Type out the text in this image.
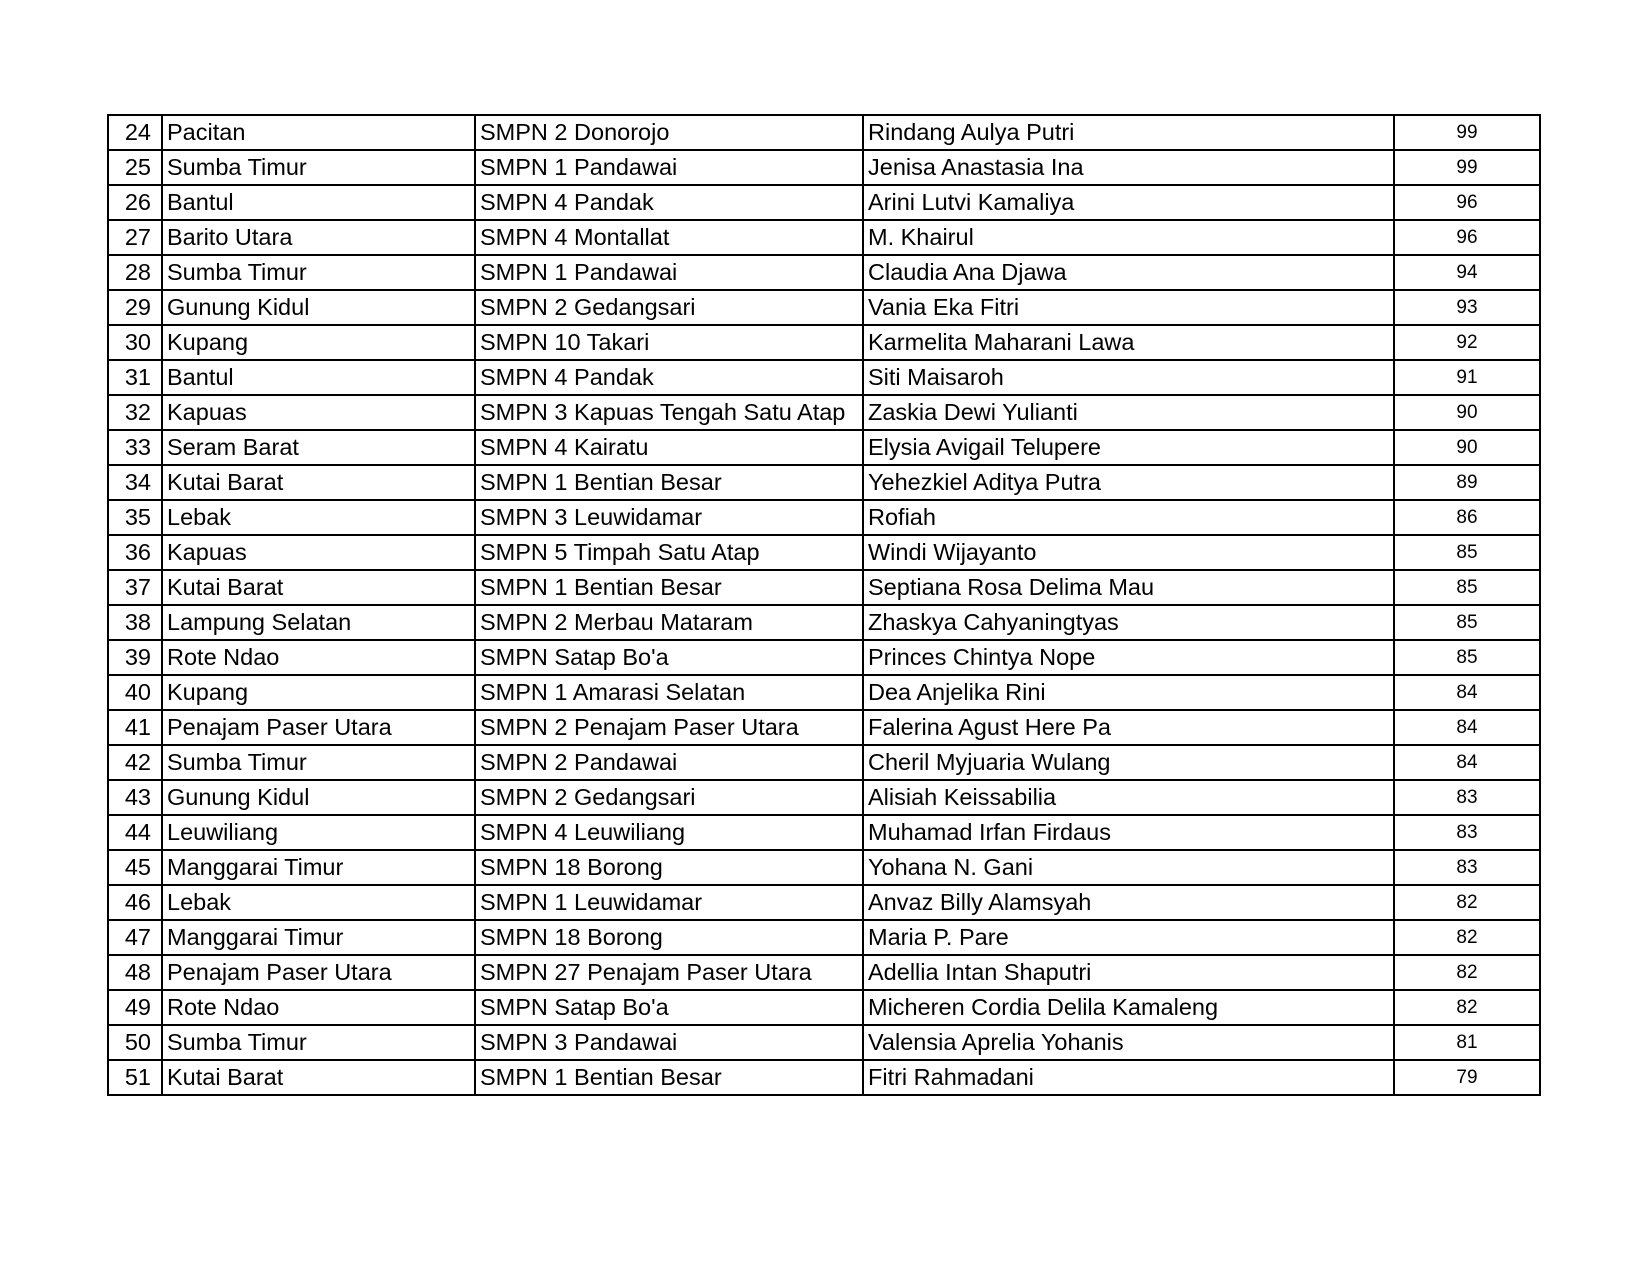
24	Pacitan	SMPN 2 Donorojo	Rindang Aulya Putri	99
25	Sumba Timur	SMPN 1 Pandawai	Jenisa Anastasia Ina	99
26	Bantul	SMPN 4 Pandak	Arini Lutvi Kamaliya	96
27	Barito Utara	SMPN 4 Montallat	M. Khairul	96
28	Sumba Timur	SMPN 1 Pandawai	Claudia Ana Djawa	94
29	Gunung Kidul	SMPN 2 Gedangsari	Vania Eka Fitri	93
30	Kupang	SMPN 10 Takari	Karmelita Maharani Lawa	92
31	Bantul	SMPN 4 Pandak	Siti Maisaroh	91
32	Kapuas	SMPN 3 Kapuas Tengah Satu Atap	Zaskia Dewi Yulianti	90
33	Seram Barat	SMPN 4 Kairatu	Elysia Avigail Telupere	90
34	Kutai Barat	SMPN 1 Bentian Besar	Yehezkiel Aditya Putra	89
35	Lebak	SMPN 3 Leuwidamar	Rofiah	86
36	Kapuas	SMPN 5 Timpah Satu Atap	Windi Wijayanto	85
37	Kutai Barat	SMPN 1 Bentian Besar	Septiana Rosa Delima Mau	85
38	Lampung Selatan	SMPN 2 Merbau Mataram	Zhaskya Cahyaningtyas	85
39	Rote Ndao	SMPN Satap Bo'a	Princes Chintya Nope	85
40	Kupang	SMPN 1 Amarasi Selatan	Dea Anjelika Rini	84
41	Penajam Paser Utara	SMPN 2 Penajam Paser Utara	Falerina Agust Here Pa	84
42	Sumba Timur	SMPN 2 Pandawai	Cheril Myjuaria Wulang	84
43	Gunung Kidul	SMPN 2 Gedangsari	Alisiah Keissabilia	83
44	Leuwiliang	SMPN 4 Leuwiliang	Muhamad Irfan Firdaus	83
45	Manggarai Timur	SMPN 18 Borong	Yohana N. Gani	83
46	Lebak	SMPN 1 Leuwidamar	Anvaz Billy Alamsyah	82
47	Manggarai Timur	SMPN 18 Borong	Maria P. Pare	82
48	Penajam Paser Utara	SMPN 27 Penajam Paser Utara	Adellia Intan Shaputri	82
49	Rote Ndao	SMPN Satap Bo'a	Micheren Cordia Delila Kamaleng	82
50	Sumba Timur	SMPN 3 Pandawai	Valensia Aprelia Yohanis	81
51	Kutai Barat	SMPN 1 Bentian Besar	Fitri Rahmadani	79
